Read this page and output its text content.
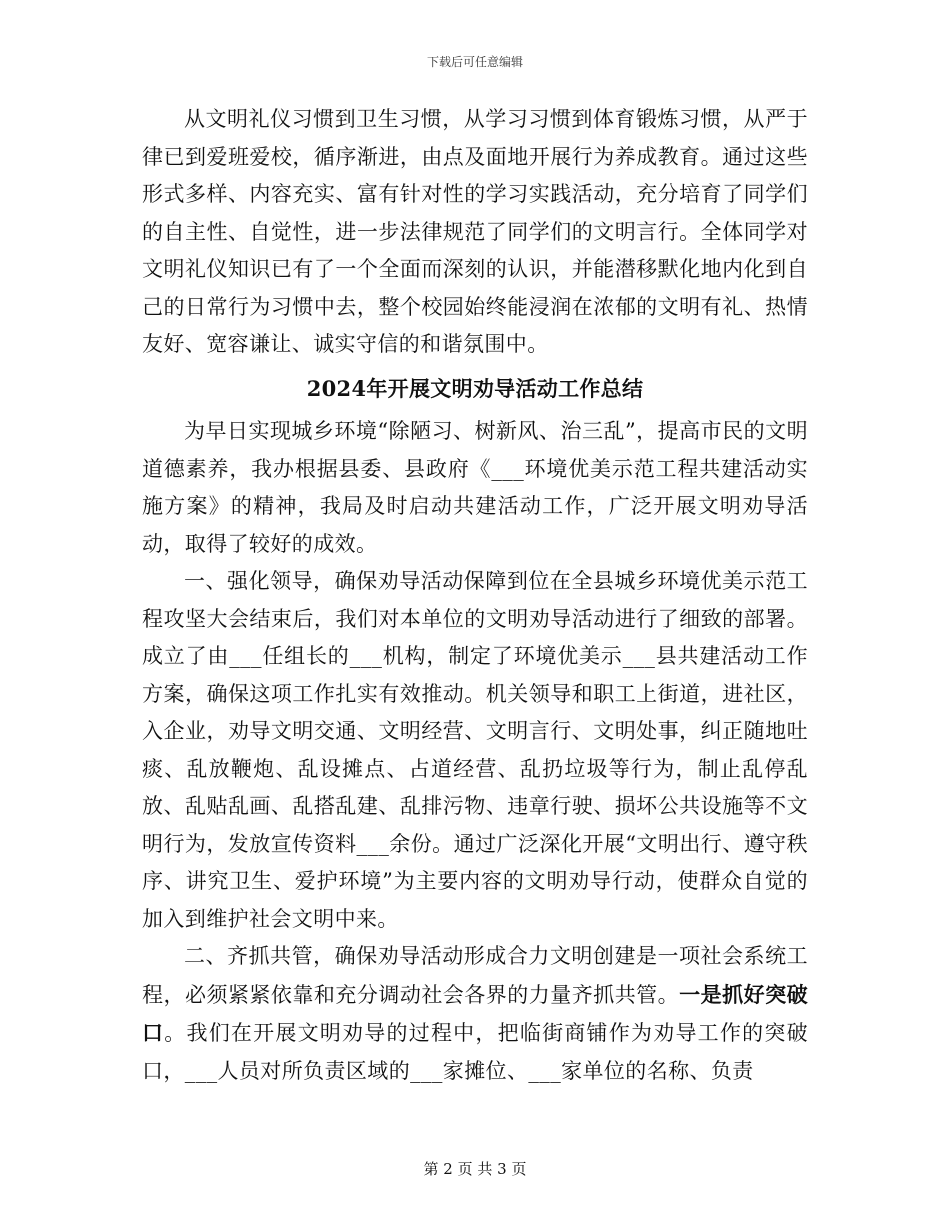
下载后可任意编辑

从文明礼仪习惯到卫生习惯，从学习习惯到体育锻炼习惯，从严于律已到爱班爱校，循序渐进，由点及面地开展行为养成教育。通过这些形式多样、内容充实、富有针对性的学习实践活动，充分培育了同学们的自主性、自觉性，进一步法律规范了同学们的文明言行。全体同学对文明礼仪知识已有了一个全面而深刻的认识，并能潜移默化地内化到自己的日常行为习惯中去，整个校园始终能浸润在浓郁的文明有礼、热情友好、宽容谦让、诚实守信的和谐氛围中。

2024年开展文明劝导活动工作总结

为早日实现城乡环境“除陋习、树新风、治三乱”，提高市民的文明道德素养，我办根据县委、县政府《___环境优美示范工程共建活动实施方案》的精神，我局及时启动共建活动工作，广泛开展文明劝导活动，取得了较好的成效。

一、强化领导，确保劝导活动保障到位在全县城乡环境优美示范工程攻坚大会结束后，我们对本单位的文明劝导活动进行了细致的部署。成立了由___任组长的___机构，制定了环境优美示___县共建活动工作方案，确保这项工作扎实有效推动。机关领导和职工上街道，进社区，入企业，劝导文明交通、文明经营、文明言行、文明处事，纠正随地吐痰、乱放鞭炮、乱设摊点、占道经营、乱扔垃圾等行为，制止乱停乱放、乱贴乱画、乱搭乱建、乱排污物、违章行驶、损坏公共设施等不文明行为，发放宣传资料___余份。通过广泛深化开展“文明出行、遵守秩序、讲究卫生、爱护环境”为主要内容的文明劝导行动，使群众自觉的加入到维护社会文明中来。

二、齐抓共管，确保劝导活动形成合力文明创建是一项社会系统工程，必须紧紧依靠和充分调动社会各界的力量齐抓共管。一是抓好突破口。我们在开展文明劝导的过程中，把临街商铺作为劝导工作的突破口，___人员对所负责区域的___家摊位、___家单位的名称、负责

第 2 页 共 3 页
